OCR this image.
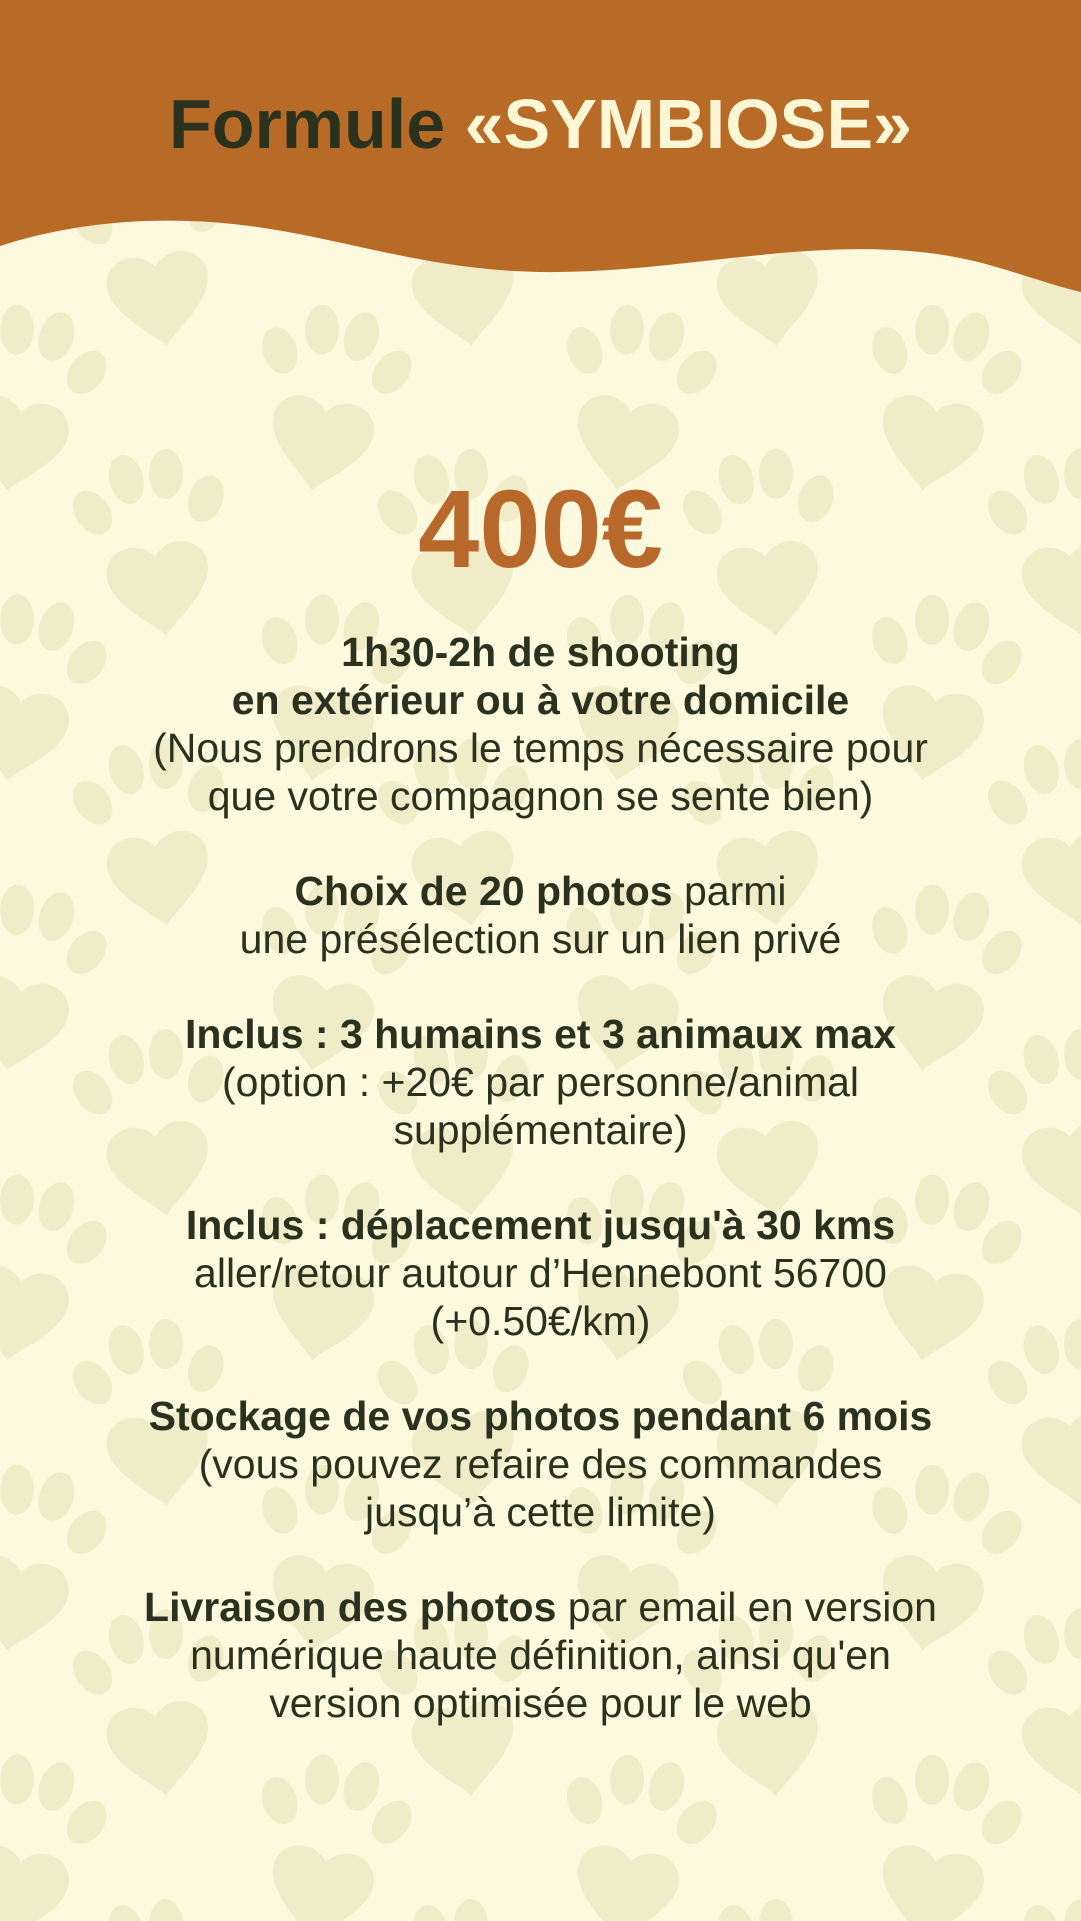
Formule «SYMBIOSE»
400€
1h30-2h de shooting
en extérieur ou à votre domicile
(Nous prendrons le temps nécessaire pour
que votre compagnon se sente bien)
Choix de 20 photos parmi
une présélection sur un lien privé
Inclus : 3 humains et 3 animaux max
(option : +20€ par personne/animal
supplémentaire)
Inclus : déplacement jusqu'à 30 kms
aller/retour autour d’Hennebont 56700
(+0.50€/km)
Stockage de vos photos pendant 6 mois
(vous pouvez refaire des commandes
jusqu’à cette limite)
Livraison des photos par email en version
numérique haute définition, ainsi qu'en
version optimisée pour le web
